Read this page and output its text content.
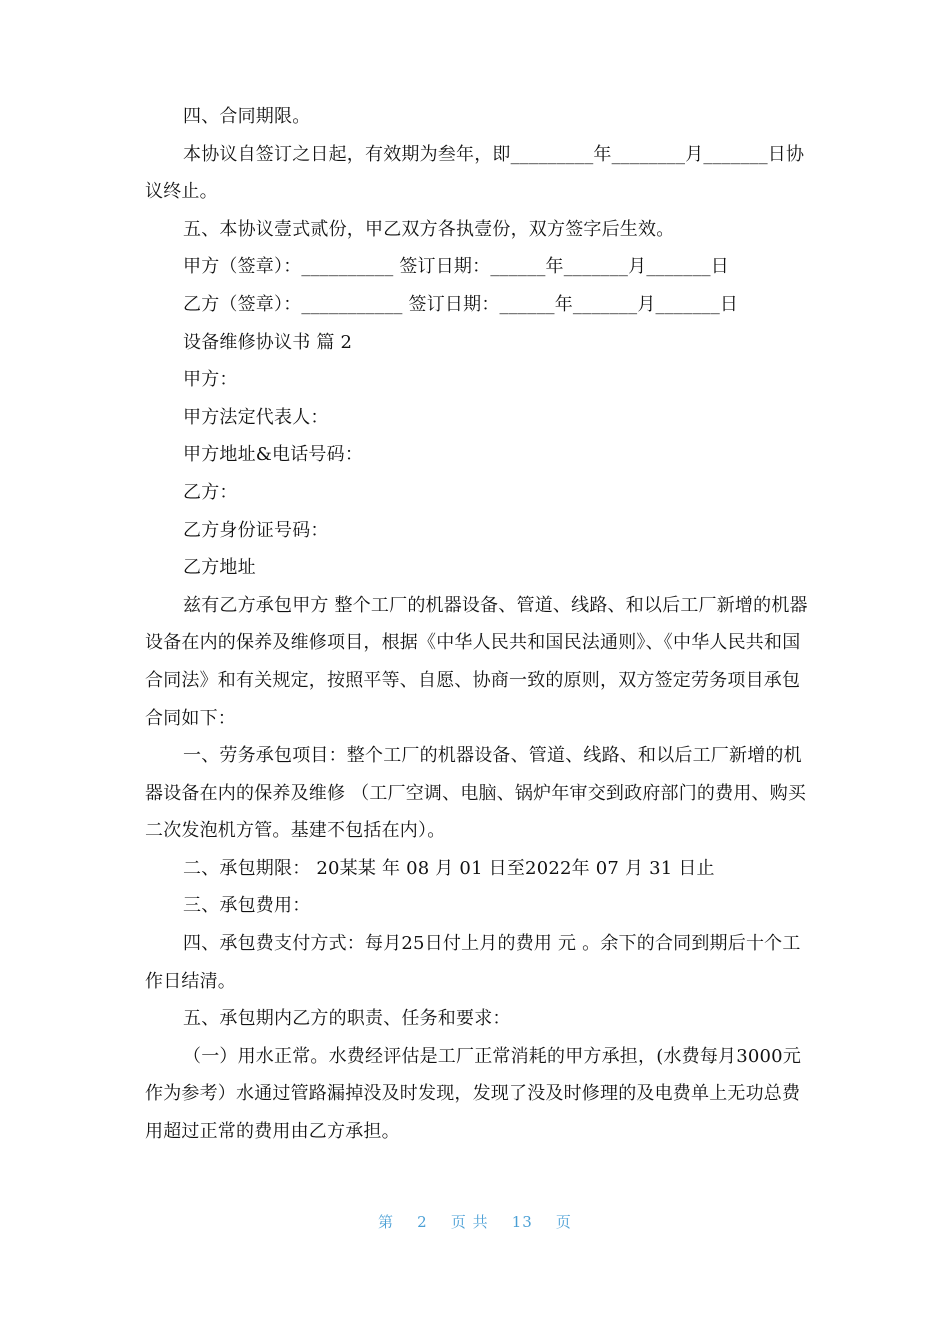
四、合同期限。

本协议自签订之日起，有效期为叁年，即_________年________月_______日协议终止。

五、本协议壹式贰份，甲乙双方各执壹份，双方签字后生效。

甲方（签章）：__________ 签订日期：______年_______月_______日

乙方（签章）：___________ 签订日期：______年_______月_______日

设备维修协议书 篇 2

甲方：

甲方法定代表人：

甲方地址&电话号码：

乙方：

乙方身份证号码：

乙方地址

兹有乙方承包甲方 整个工厂的机器设备、管道、线路、和以后工厂新增的机器设备在内的保养及维修项目，根据《中华人民共和国民法通则》、《中华人民共和国合同法》和有关规定，按照平等、自愿、协商一致的原则，双方签定劳务项目承包合同如下：

一、劳务承包项目：整个工厂的机器设备、管道、线路、和以后工厂新增的机器设备在内的保养及维修 （工厂空调、电脑、锅炉年审交到政府部门的费用、购买二次发泡机方管。基建不包括在内）。

二、承包期限： 20某某 年 08 月 01 日至2022年 07 月 31 日止

三、承包费用：

四、承包费支付方式：每月25日付上月的费用 元 。余下的合同到期后十个工作日结清。

五、承包期内乙方的职责、任务和要求：

（一）用水正常。水费经评估是工厂正常消耗的甲方承担，(水费每月3000元作为参考）水通过管路漏掉没及时发现，发现了没及时修理的及电费单上无功总费用超过正常的费用由乙方承担。

第 2 页 共 13 页
